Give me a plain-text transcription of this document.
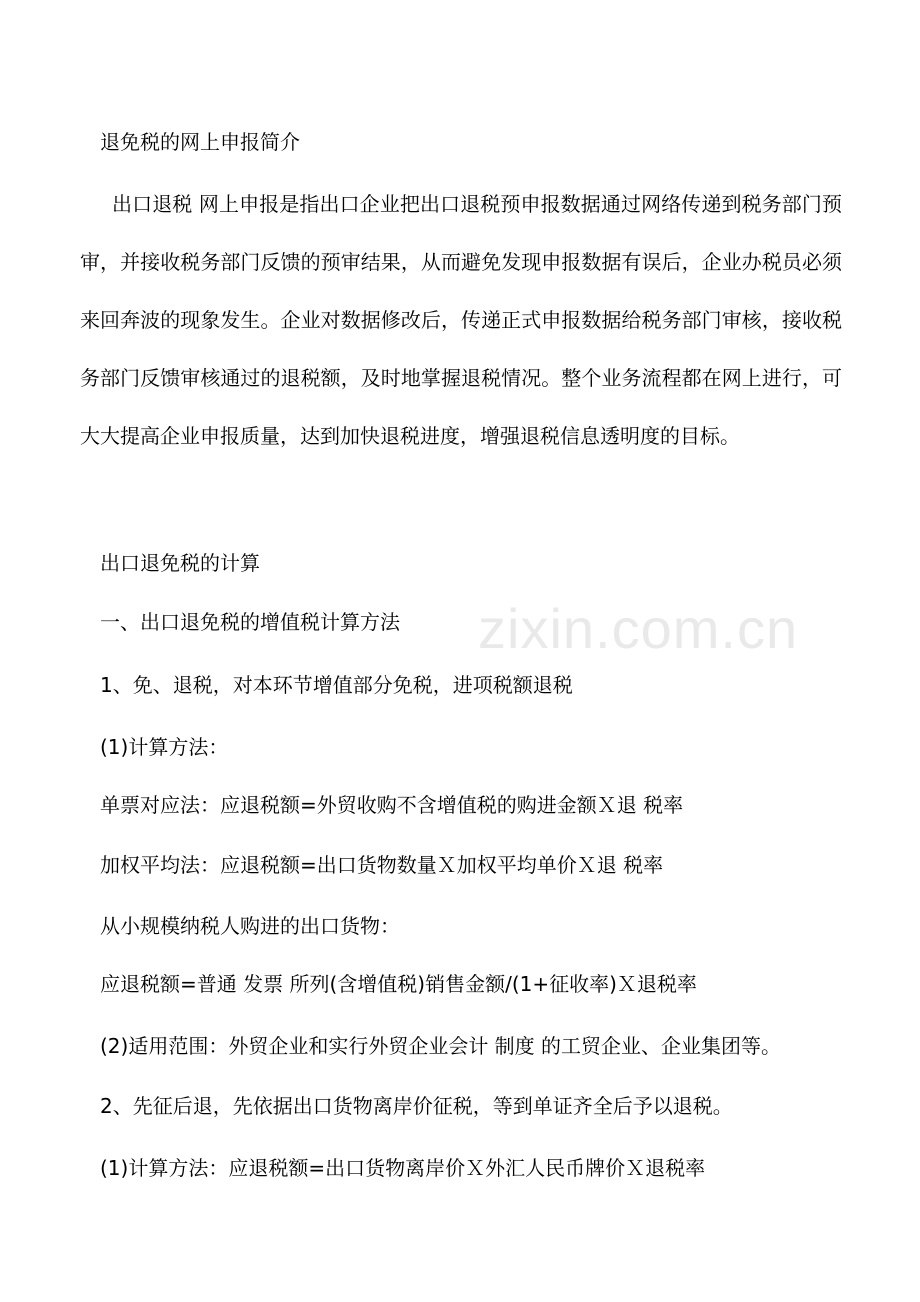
退免税的网上申报简介
出口退税 网上申报是指出口企业把出口退税预申报数据通过网络传递到税务部门预审，并接收税务部门反馈的预审结果，从而避免发现申报数据有误后，企业办税员必须来回奔波的现象发生。企业对数据修改后，传递正式申报数据给税务部门审核，接收税务部门反馈审核通过的退税额，及时地掌握退税情况。整个业务流程都在网上进行，可大大提高企业申报质量，达到加快退税进度，增强退税信息透明度的目标。
出口退免税的计算
一、出口退免税的增值税计算方法
1、免、退税，对本环节增值部分免税，进项税额退税
(1)计算方法：
单票对应法：应退税额=外贸收购不含增值税的购进金额Ｘ退 税率
加权平均法：应退税额=出口货物数量Ｘ加权平均单价Ｘ退 税率
从小规模纳税人购进的出口货物：
应退税额=普通 发票 所列(含增值税)销售金额/(1+征收率)Ｘ退税率
(2)适用范围：外贸企业和实行外贸企业会计 制度 的工贸企业、企业集团等。
2、先征后退，先依据出口货物离岸价征税，等到单证齐全后予以退税。
(1)计算方法：应退税额=出口货物离岸价Ｘ外汇人民币牌价Ｘ退税率
zixin.com.cn
